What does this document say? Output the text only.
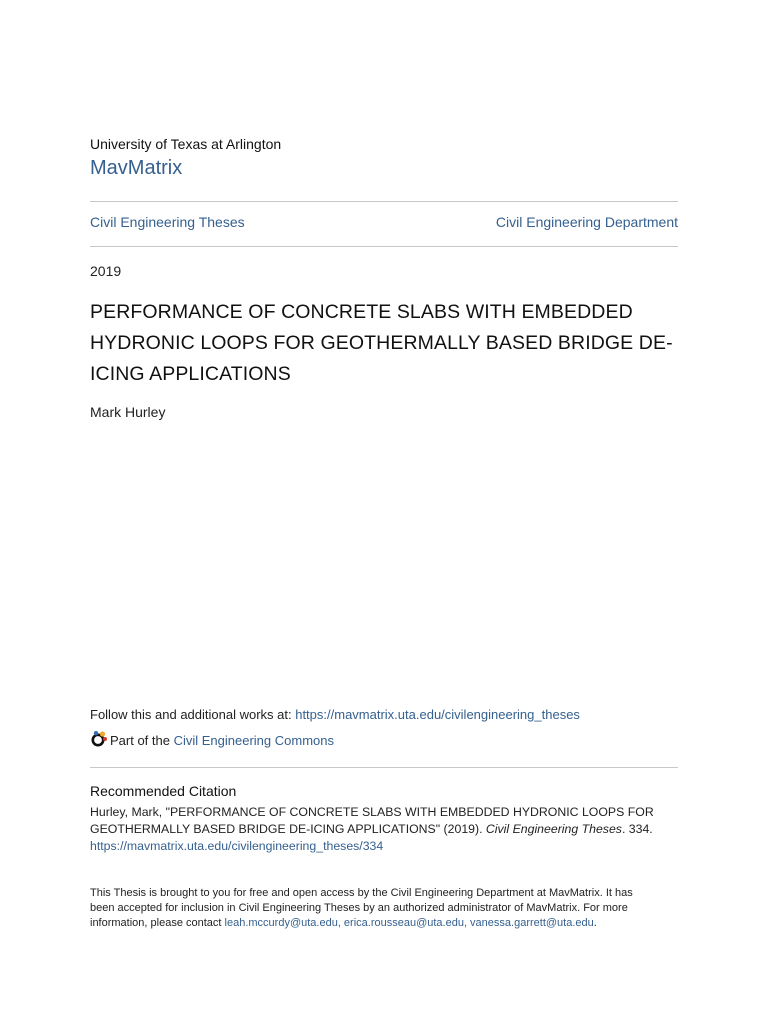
University of Texas at Arlington
MavMatrix
Civil Engineering Theses	Civil Engineering Department
2019
PERFORMANCE OF CONCRETE SLABS WITH EMBEDDED
HYDRONIC LOOPS FOR GEOTHERMALLY BASED BRIDGE DE-
ICING APPLICATIONS
Mark Hurley
Follow this and additional works at: https://mavmatrix.uta.edu/civilengineering_theses
Part of the Civil Engineering Commons
Recommended Citation
Hurley, Mark, "PERFORMANCE OF CONCRETE SLABS WITH EMBEDDED HYDRONIC LOOPS FOR
GEOTHERMALLY BASED BRIDGE DE-ICING APPLICATIONS" (2019). Civil Engineering Theses. 334.
https://mavmatrix.uta.edu/civilengineering_theses/334
This Thesis is brought to you for free and open access by the Civil Engineering Department at MavMatrix. It has
been accepted for inclusion in Civil Engineering Theses by an authorized administrator of MavMatrix. For more
information, please contact leah.mccurdy@uta.edu, erica.rousseau@uta.edu, vanessa.garrett@uta.edu.
